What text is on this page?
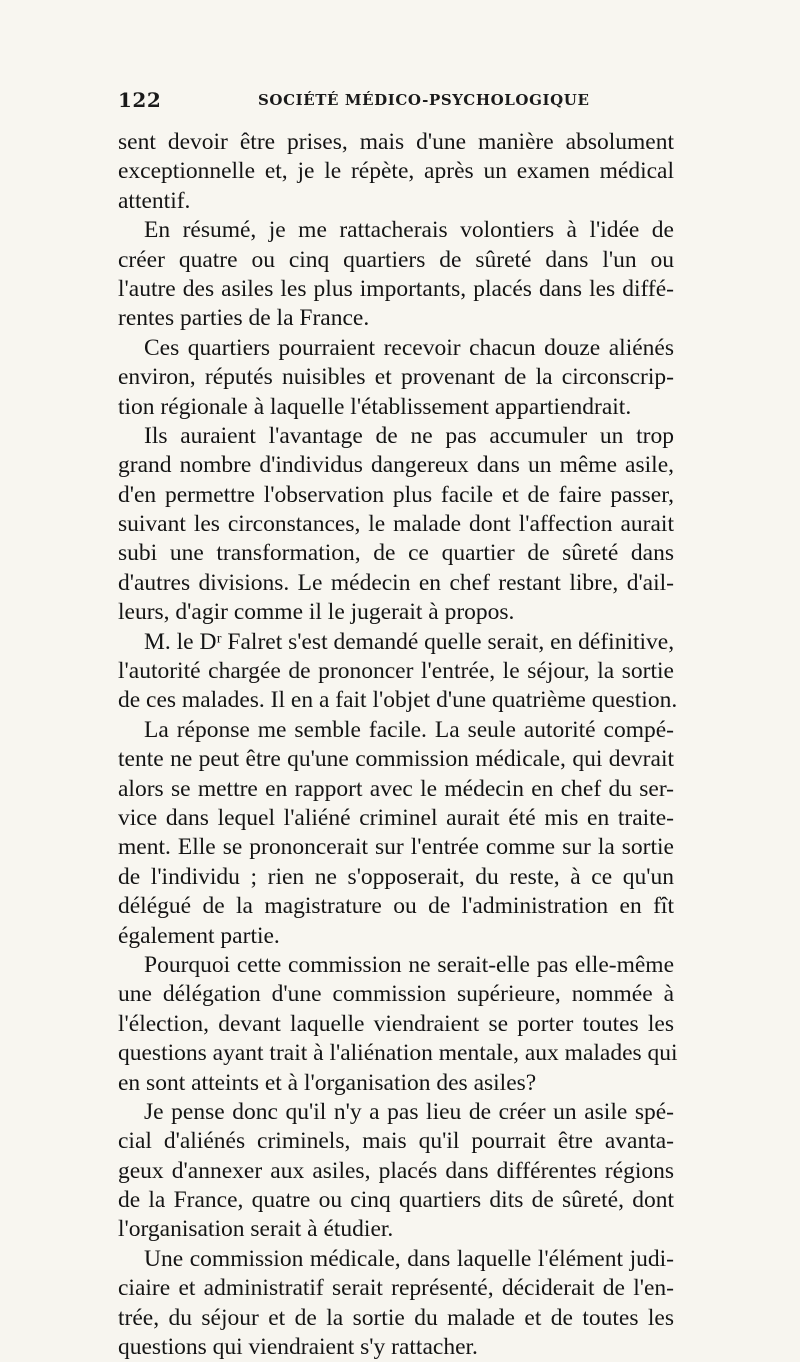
122	SOCIÉTÉ MÉDICO-PSYCHOLOGIQUE
sent devoir être prises, mais d'une manière absolument
exceptionnelle et, je le répète, après un examen médical
attentif.
En résumé, je me rattacherais volontiers à l'idée de
créer quatre ou cinq quartiers de sûreté dans l'un ou
l'autre des asiles les plus importants, placés dans les diffé-
rentes parties de la France.
Ces quartiers pourraient recevoir chacun douze aliénés
environ, réputés nuisibles et provenant de la circonscrip-
tion régionale à laquelle l'établissement appartiendrait.
Ils auraient l'avantage de ne pas accumuler un trop
grand nombre d'individus dangereux dans un même asile,
d'en permettre l'observation plus facile et de faire passer,
suivant les circonstances, le malade dont l'affection aurait
subi une transformation, de ce quartier de sûreté dans
d'autres divisions. Le médecin en chef restant libre, d'ail-
leurs, d'agir comme il le jugerait à propos.
M. le Dʳ Falret s'est demandé quelle serait, en définitive,
l'autorité chargée de prononcer l'entrée, le séjour, la sortie
de ces malades. Il en a fait l'objet d'une quatrième question.
La réponse me semble facile. La seule autorité compé-
tente ne peut être qu'une commission médicale, qui devrait
alors se mettre en rapport avec le médecin en chef du ser-
vice dans lequel l'aliéné criminel aurait été mis en traite-
ment. Elle se prononcerait sur l'entrée comme sur la sortie
de l'individu ; rien ne s'opposerait, du reste, à ce qu'un
délégué de la magistrature ou de l'administration en fît
également partie.
Pourquoi cette commission ne serait-elle pas elle-même
une délégation d'une commission supérieure, nommée à
l'élection, devant laquelle viendraient se porter toutes les
questions ayant trait à l'aliénation mentale, aux malades qui
en sont atteints et à l'organisation des asiles?
Je pense donc qu'il n'y a pas lieu de créer un asile spé-
cial d'aliénés criminels, mais qu'il pourrait être avanta-
geux d'annexer aux asiles, placés dans différentes régions
de la France, quatre ou cinq quartiers dits de sûreté, dont
l'organisation serait à étudier.
Une commission médicale, dans laquelle l'élément judi-
ciaire et administratif serait représenté, déciderait de l'en-
trée, du séjour et de la sortie du malade et de toutes les
questions qui viendraient s'y rattacher.
